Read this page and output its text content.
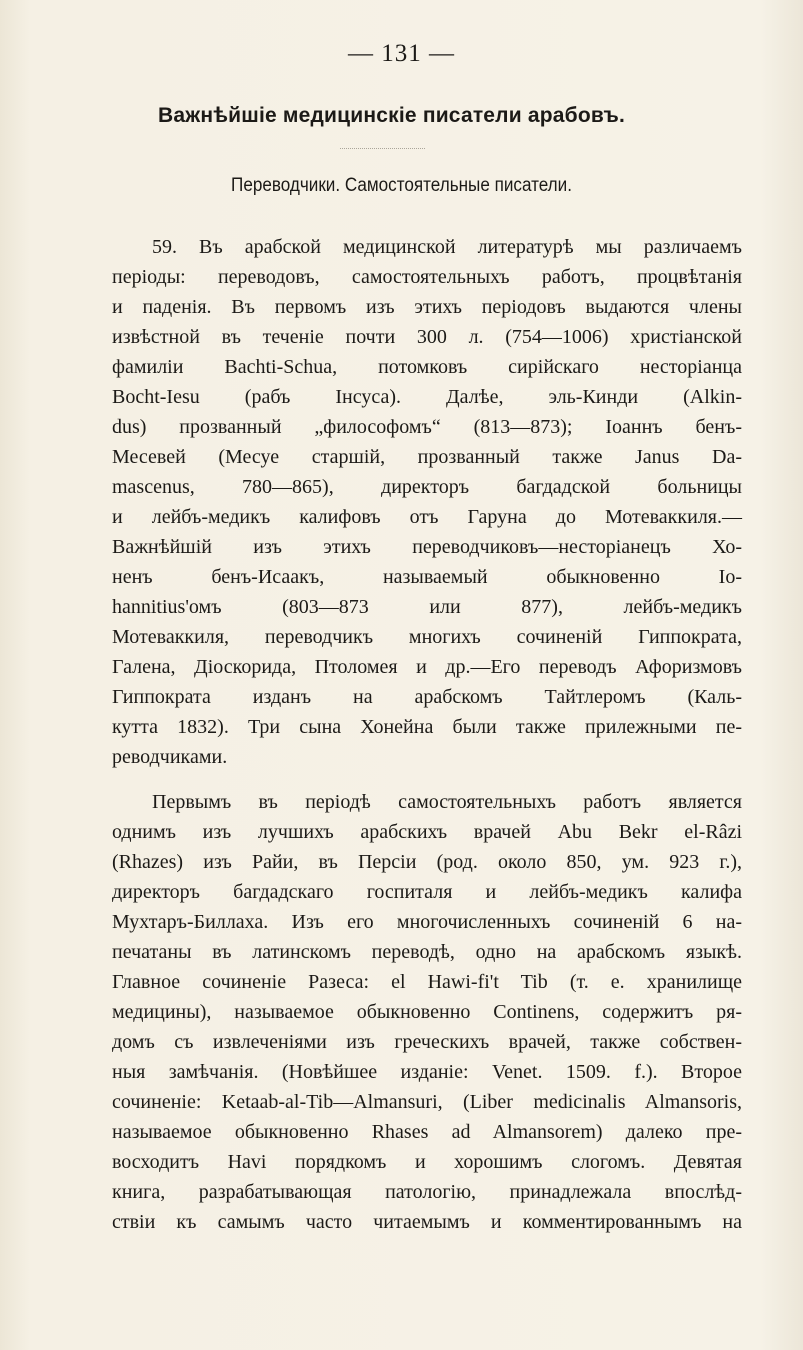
— 131 —
Важнѣйшіе медицинскіе писатели арабовъ.
Переводчики. Самостоятельные писатели.
59. Въ арабской медицинской литературѣ мы различаемъ
періоды: переводовъ, самостоятельныхъ работъ, процвѣтанія
и паденія. Въ первомъ изъ этихъ періодовъ выдаются члены
извѣстной въ теченіе почти 300 л. (754—1006) христіанской
фамиліи Bachti-Schua, потомковъ сирійскаго несторіанца
Bocht-Iesu (рабъ Інсуса). Далѣе, эль-Кинди (Alkin-
dus) прозванный „философомъ“ (813—873); Іоаннъ бенъ-
Месевей (Месуе старшій, прозванный также Janus Da-
mascenus, 780—865), директоръ багдадской больницы
и лейбъ-медикъ калифовъ отъ Гаруна до Мотеваккиля.—
Важнѣйшій изъ этихъ переводчиковъ—несторіанецъ Хо-
ненъ бенъ-Исаакъ, называемый обыкновенно Іо-
hannitius'омъ (803—873 или 877), лейбъ-медикъ
Мотеваккиля, переводчикъ многихъ сочиненій Гиппократа,
Галена, Діоскорида, Птоломея и др.—Его переводъ Афоризмовъ
Гиппократа изданъ на арабскомъ Тайтлеромъ (Каль-
кутта 1832). Три сына Хонейна были также прилежными пе-
реводчиками.
Первымъ въ періодѣ самостоятельныхъ работъ является
однимъ изъ лучшихъ арабскихъ врачей Abu Bekr el-Râzi
(Rhazes) изъ Райи, въ Персіи (род. около 850, ум. 923 г.),
директоръ багдадскаго госпиталя и лейбъ-медикъ калифа
Мухтаръ-Биллаха. Изъ его многочисленныхъ сочиненій 6 на-
печатаны въ латинскомъ переводѣ, одно на арабскомъ языкѣ.
Главное сочиненіе Разеса: el Hawi-fi't Tib (т. е. хранилище
медицины), называемое обыкновенно Continens, содержитъ ря-
домъ съ извлеченіями изъ греческихъ врачей, также собствен-
ныя замѣчанія. (Новѣйшее изданіе: Venet. 1509. f.). Второе
сочиненіе: Ketaab-al-Tib—Almansuri, (Liber medicinalis Almansoris,
называемое обыкновенно Rhases ad Almansorem) далеко пре-
восходитъ Havi порядкомъ и хорошимъ слогомъ. Девятая
книга, разрабатывающая патологію, принадлежала впослѣд-
ствіи къ самымъ часто читаемымъ и комментированнымъ на
